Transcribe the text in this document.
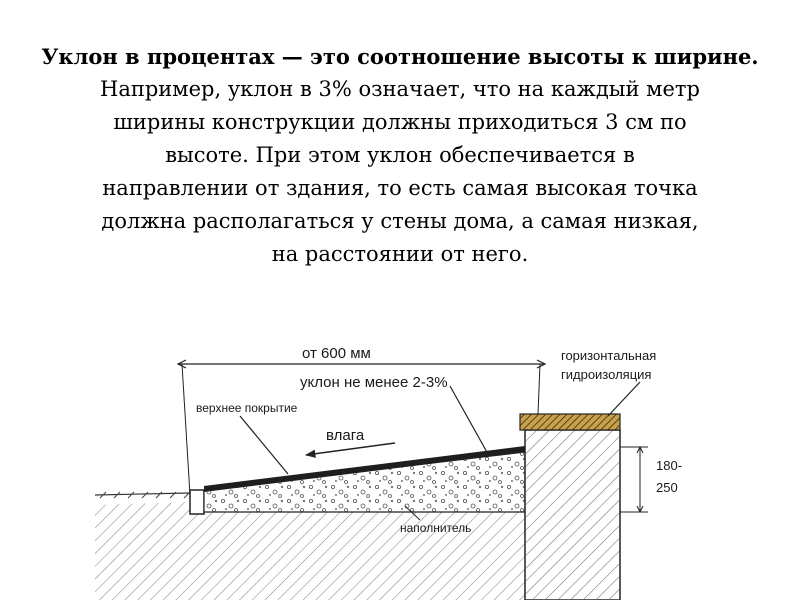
Уклон в процентах — это соотношение высоты к ширине.
Например, уклон в 3% означает, что на каждый метр
ширины конструкции должны приходиться 3 см по
высоте. При этом уклон обеспечивается в
направлении от здания, то есть самая высокая точка
должна располагаться у стены дома, а самая низкая,
на расстоянии от него.
от 600 мм
уклон не менее 2-3%
верхнее покрытие
влага
наполнитель
горизонтальная
гидроизоляция
180-
250
